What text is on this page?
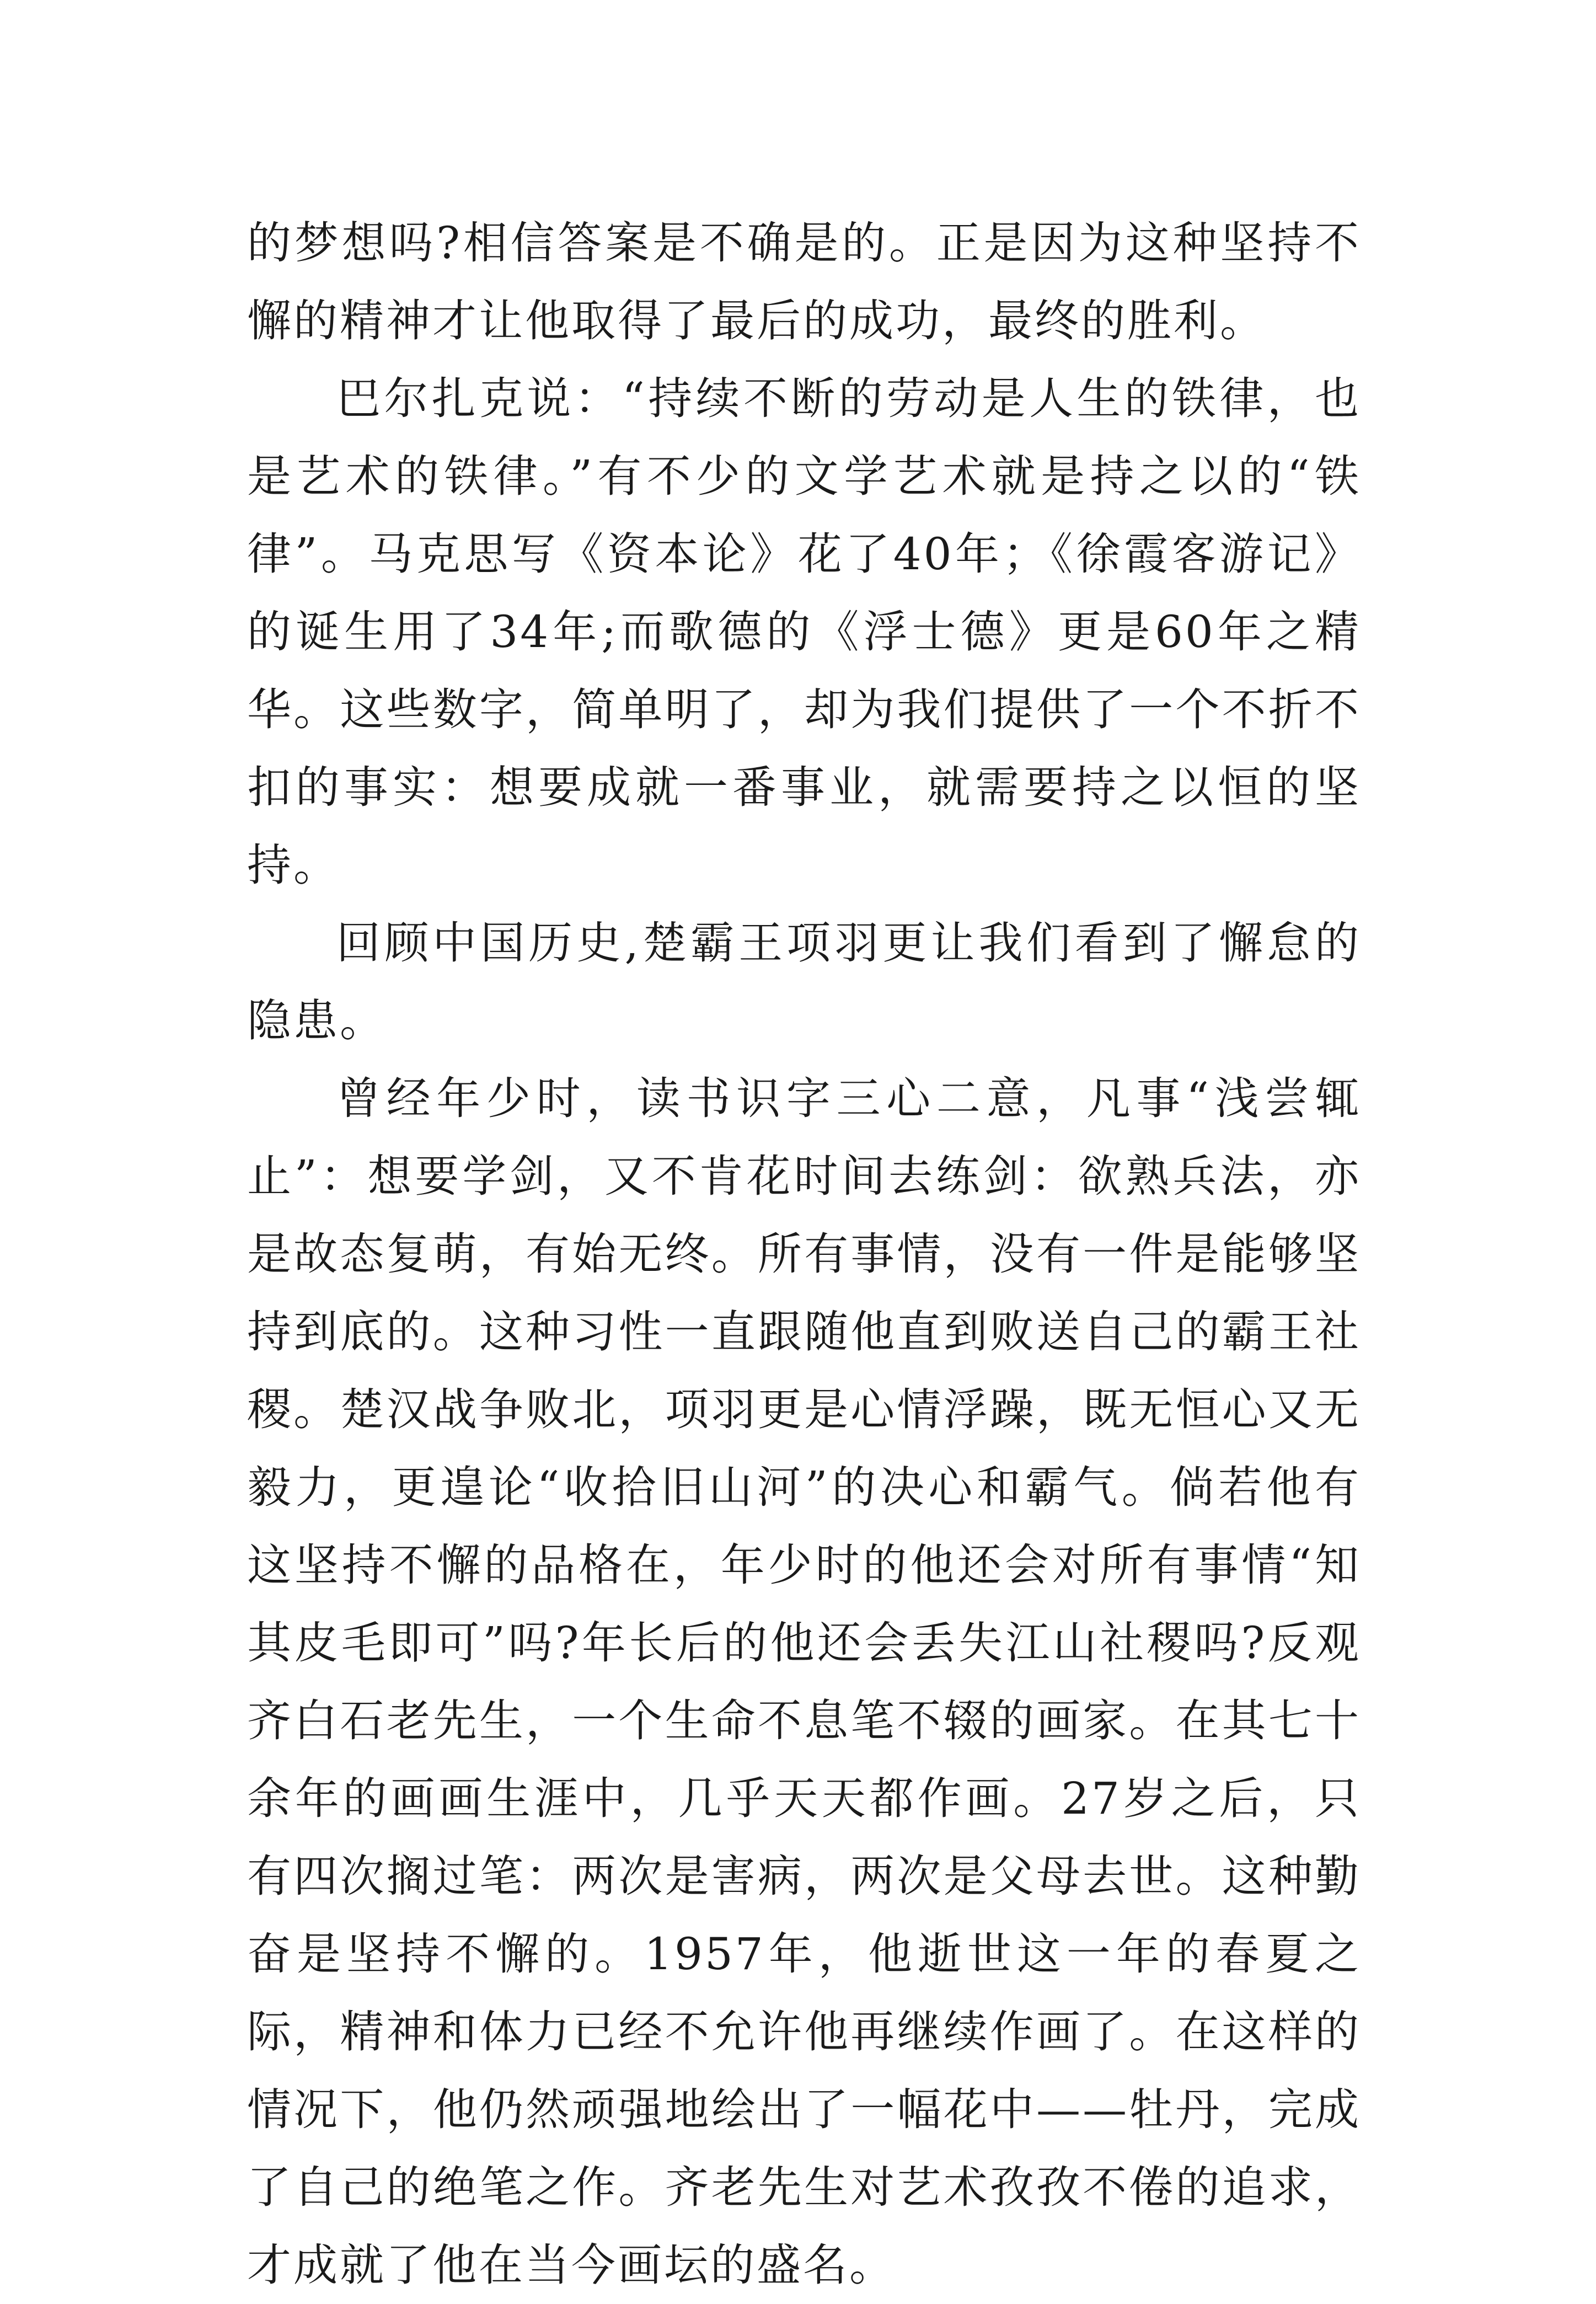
的梦想吗?相信答案是不确是的。正是因为这种坚持不懈的精神才让他取得了最后的成功，最终的胜利。

巴尔扎克说：“持续不断的劳动是人生的铁律，也是艺术的铁律。”有不少的文学艺术就是持之以的“铁律”。马克思写《资本论》花了40年；《徐霞客游记》的诞生用了34年;而歌德的《浮士德》更是60年之精华。这些数字，简单明了，却为我们提供了一个不折不扣的事实：想要成就一番事业，就需要持之以恒的坚持。

回顾中国历史,楚霸王项羽更让我们看到了懈怠的隐患。

曾经年少时，读书识字三心二意，凡事“浅尝辄止”：想要学剑，又不肯花时间去练剑：欲熟兵法，亦是故态复萌，有始无终。所有事情，没有一件是能够坚持到底的。这种习性一直跟随他直到败送自己的霸王社稷。楚汉战争败北，项羽更是心情浮躁，既无恒心又无毅力，更遑论“收拾旧山河”的决心和霸气。倘若他有这坚持不懈的品格在，年少时的他还会对所有事情“知其皮毛即可”吗?年长后的他还会丢失江山社稷吗?反观齐白石老先生，一个生命不息笔不辍的画家。在其七十余年的画画生涯中，几乎天天都作画。27岁之后，只有四次搁过笔：两次是害病，两次是父母去世。这种勤奋是坚持不懈的。1957年，他逝世这一年的春夏之际，精神和体力已经不允许他再继续作画了。在这样的情况下，他仍然顽强地绘出了一幅花中——牡丹，完成了自己的绝笔之作。齐老先生对艺术孜孜不倦的追求，才成就了他在当今画坛的盛名。
